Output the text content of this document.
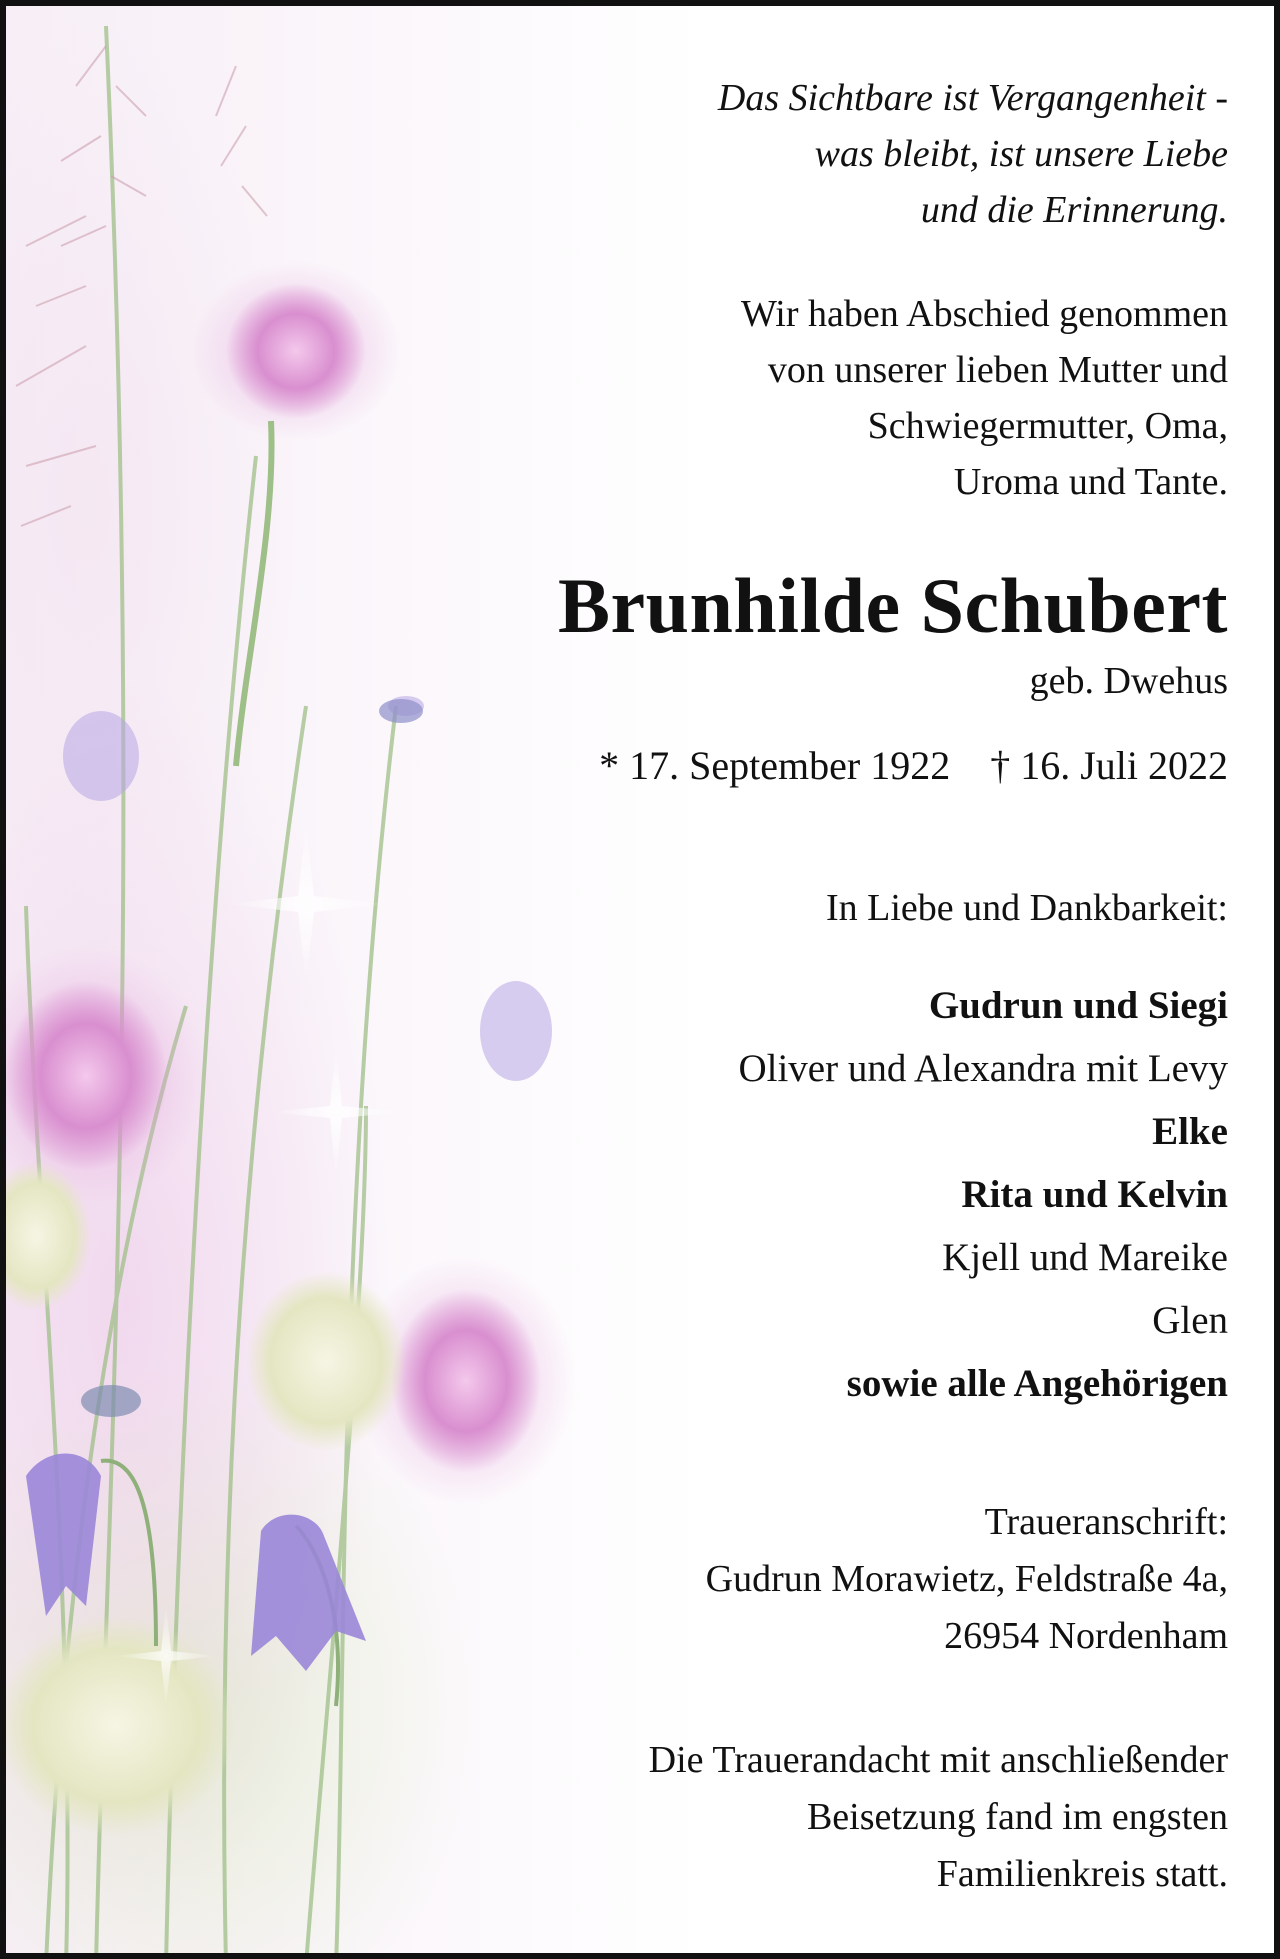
Das Sichtbare ist Vergangenheit -
was bleibt, ist unsere Liebe
und die Erinnerung.
Wir haben Abschied genommen
von unserer lieben Mutter und
Schwiegermutter, Oma,
Uroma und Tante.
Brunhilde Schubert
geb. Dwehus
* 17. September 1922 † 16. Juli 2022
In Liebe und Dankbarkeit:
Gudrun und Siegi
Oliver und Alexandra mit Levy
Elke
Rita und Kelvin
Kjell und Mareike
Glen
sowie alle Angehörigen
Traueranschrift:
Gudrun Morawietz, Feldstraße 4a,
26954 Nordenham
Die Trauerandacht mit anschließender
Beisetzung fand im engsten
Familienkreis statt.
